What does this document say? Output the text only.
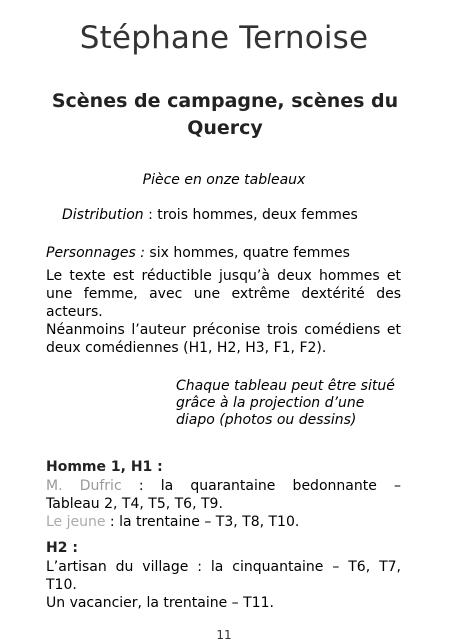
Stéphane Ternoise
Scènes de campagne, scènes du Quercy

Pièce en onze tableaux

Distribution : trois hommes, deux femmes

Personnages : six hommes, quatre femmes

Le texte est réductible jusqu’à deux hommes et une femme, avec une extrême dextérité des acteurs.

Néanmoins l’auteur préconise trois comédiens et deux comédiennes (H1, H2, H3, F1, F2).

Chaque tableau peut être situé grâce à la projection d’une diapo (photos ou dessins)

Homme 1, H1 :

M. Dufric : la quarantaine bedonnante –

Tableau 2, T4, T5, T6, T9.

Le jeune : la trentaine – T3, T8, T10.

H2 :

L’artisan du village : la cinquantaine – T6, T7,

T10.

Un vacancier, la trentaine – T11.

11
